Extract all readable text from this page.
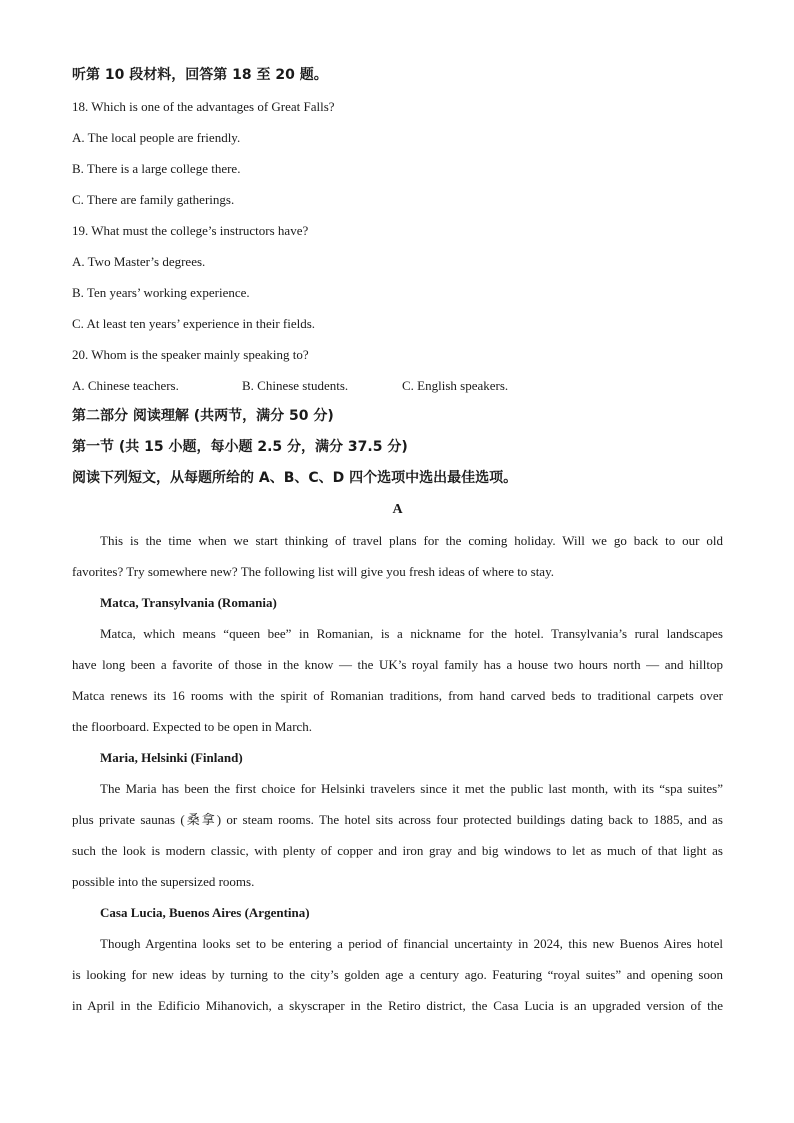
听第 10 段材料，回答第 18 至 20 题。
18. Which is one of the advantages of Great Falls?
A. The local people are friendly.
B. There is a large college there.
C. There are family gatherings.
19. What must the college’s instructors have?
A. Two Master’s degrees.
B. Ten years’ working experience.
C. At least ten years’ experience in their fields.
20. Whom is the speaker mainly speaking to?
A. Chinese teachers.	B. Chinese students.	C. English speakers.
第二部分 阅读理解 (共两节，满分 50 分)
第一节 (共 15 小题，每小题 2.5 分，满分 37.5 分)
阅读下列短文，从每题所给的 A、B、C、D 四个选项中选出最佳选项。
A
This is the time when we start thinking of travel plans for the coming holiday. Will we go back to our old
favorites? Try somewhere new? The following list will give you fresh ideas of where to stay.
Matca, Transylvania (Romania)
Matca, which means “queen bee” in Romanian, is a nickname for the hotel. Transylvania’s rural landscapes
have long been a favorite of those in the know — the UK’s royal family has a house two hours north — and hilltop
Matca renews its 16 rooms with the spirit of Romanian traditions, from hand carved beds to traditional carpets over
the floorboard. Expected to be open in March.
Maria, Helsinki (Finland)
The Maria has been the first choice for Helsinki travelers since it met the public last month, with its “spa suites”
plus private saunas (桑拿) or steam rooms. The hotel sits across four protected buildings dating back to 1885, and as
such the look is modern classic, with plenty of copper and iron gray and big windows to let as much of that light as
possible into the supersized rooms.
Casa Lucia, Buenos Aires (Argentina)
Though Argentina looks set to be entering a period of financial uncertainty in 2024, this new Buenos Aires hotel
is looking for new ideas by turning to the city’s golden age a century ago. Featuring “royal suites” and opening soon
in April in the Edificio Mihanovich, a skyscraper in the Retiro district, the Casa Lucia is an upgraded version of the
